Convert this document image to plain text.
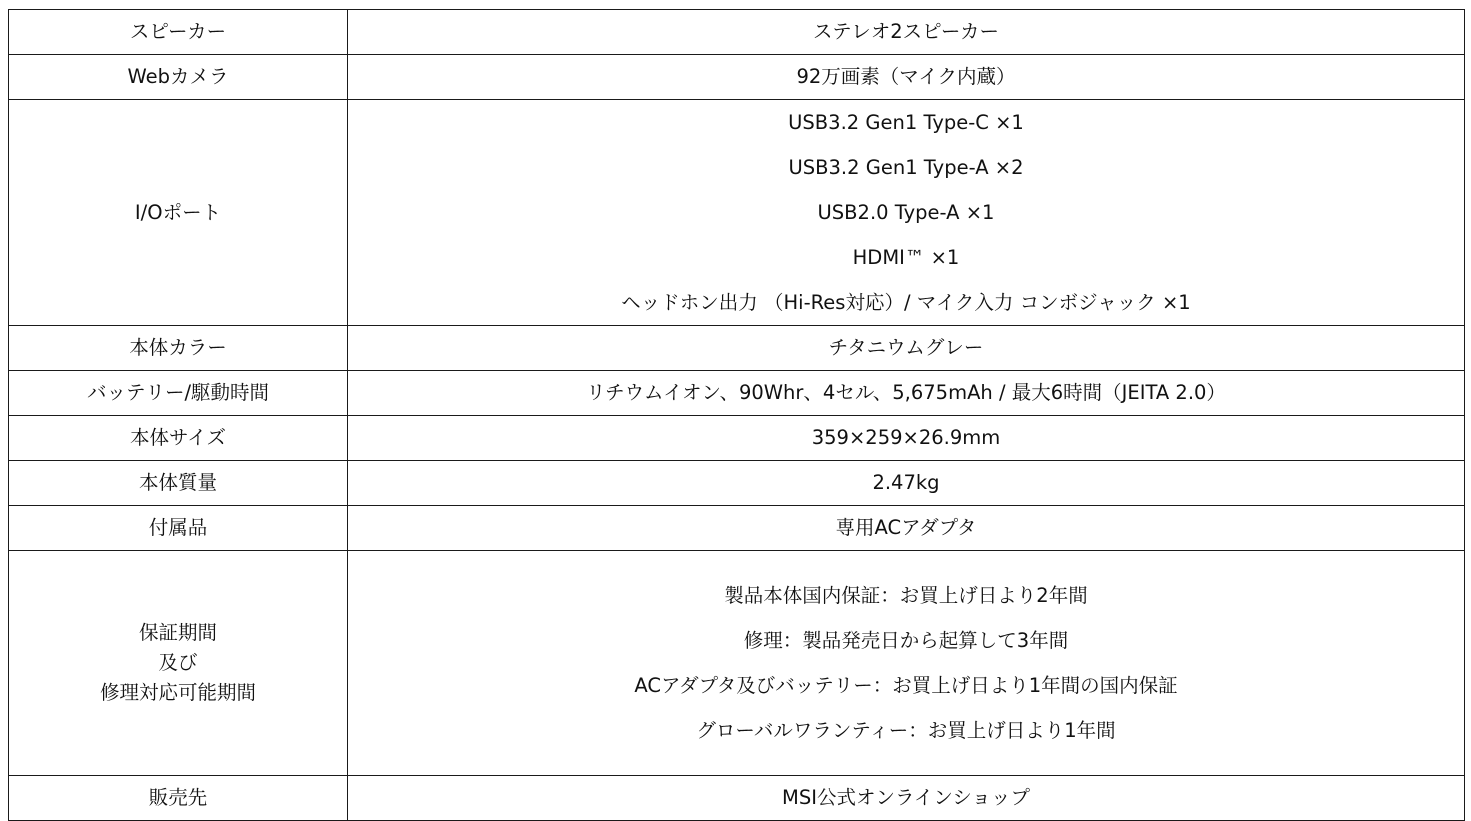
スピーカー	ステレオ2スピーカー

Webカメラ	92万画素（マイク内蔵）

I/Oポート	USB3.2 Gen1 Type-C ×1
USB3.2 Gen1 Type-A ×2
USB2.0 Type-A ×1
HDMI™ ×1
ヘッドホン出力 （Hi-Res対応）/ マイク入力 コンボジャック ×1

本体カラー	チタニウムグレー

バッテリー/駆動時間	リチウムイオン、90Whr、4セル、5,675mAh / 最大6時間（JEITA 2.0）

本体サイズ	359×259×26.9mm

本体質量	2.47kg

付属品	専用ACアダプタ

保証期間
及び
修理対応可能期間	製品本体国内保証：お買上げ日より2年間
修理：製品発売日から起算して3年間
ACアダプタ及びバッテリー：お買上げ日より1年間の国内保証
グローバルワランティー：お買上げ日より1年間

販売先	MSI公式オンラインショップ
